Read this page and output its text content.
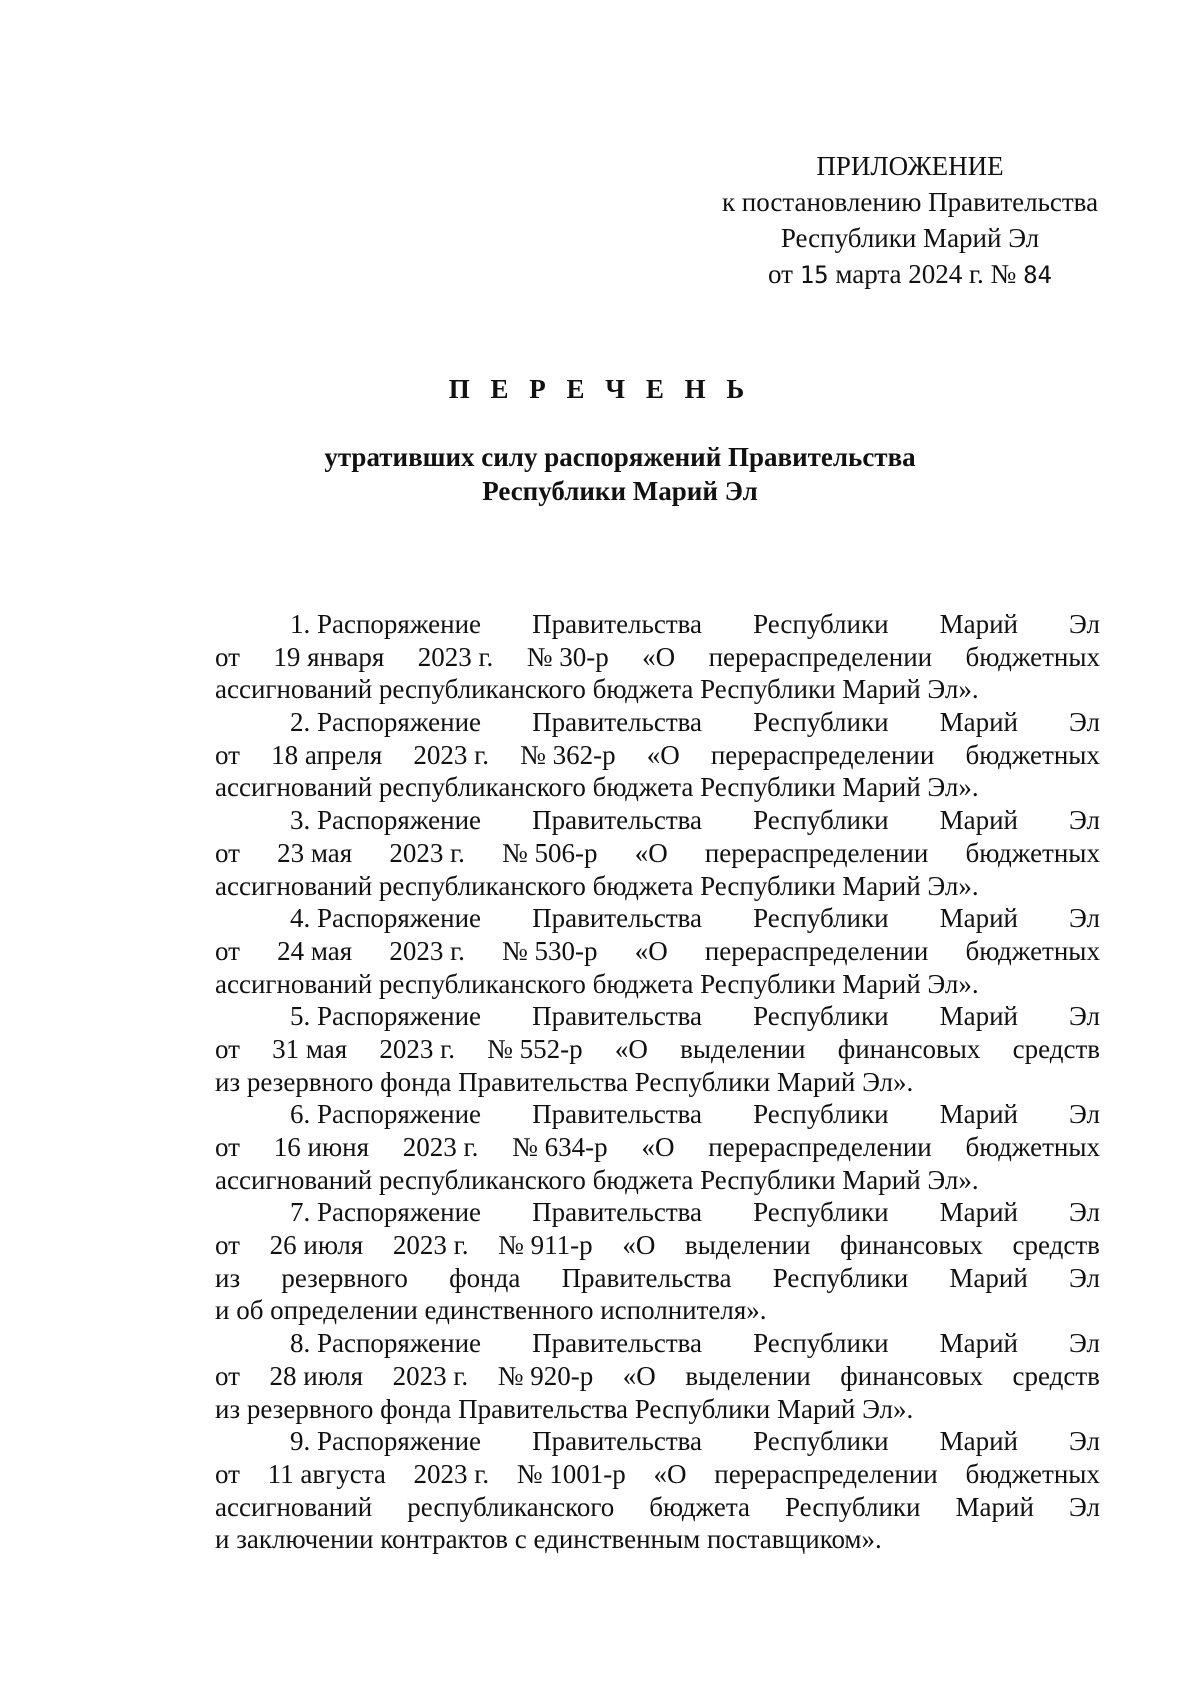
ПРИЛОЖЕНИЕ
к постановлению Правительства
Республики Марий Эл
от 15 марта 2024 г. № 84
П Е Р Е Ч Е Н Ь
утративших силу распоряжений Правительства
Республики Марий Эл
1. Распоряжение Правительства Республики Марий Эл
от 19 января 2023 г. № 30-р «О перераспределении бюджетных
ассигнований республиканского бюджета Республики Марий Эл».
2. Распоряжение Правительства Республики Марий Эл
от 18 апреля 2023 г. № 362-р «О перераспределении бюджетных
ассигнований республиканского бюджета Республики Марий Эл».
3. Распоряжение Правительства Республики Марий Эл
от 23 мая 2023 г. № 506-р «О перераспределении бюджетных
ассигнований республиканского бюджета Республики Марий Эл».
4. Распоряжение Правительства Республики Марий Эл
от 24 мая 2023 г. № 530-р «О перераспределении бюджетных
ассигнований республиканского бюджета Республики Марий Эл».
5. Распоряжение Правительства Республики Марий Эл
от 31 мая 2023 г. № 552-р «О выделении финансовых средств
из резервного фонда Правительства Республики Марий Эл».
6. Распоряжение Правительства Республики Марий Эл
от 16 июня 2023 г. № 634-р «О перераспределении бюджетных
ассигнований республиканского бюджета Республики Марий Эл».
7. Распоряжение Правительства Республики Марий Эл
от 26 июля 2023 г. № 911-р «О выделении финансовых средств
из резервного фонда Правительства Республики Марий Эл
и об определении единственного исполнителя».
8. Распоряжение Правительства Республики Марий Эл
от 28 июля 2023 г. № 920-р «О выделении финансовых средств
из резервного фонда Правительства Республики Марий Эл».
9. Распоряжение Правительства Республики Марий Эл
от 11 августа 2023 г. № 1001-р «О перераспределении бюджетных
ассигнований республиканского бюджета Республики Марий Эл
и заключении контрактов с единственным поставщиком».
